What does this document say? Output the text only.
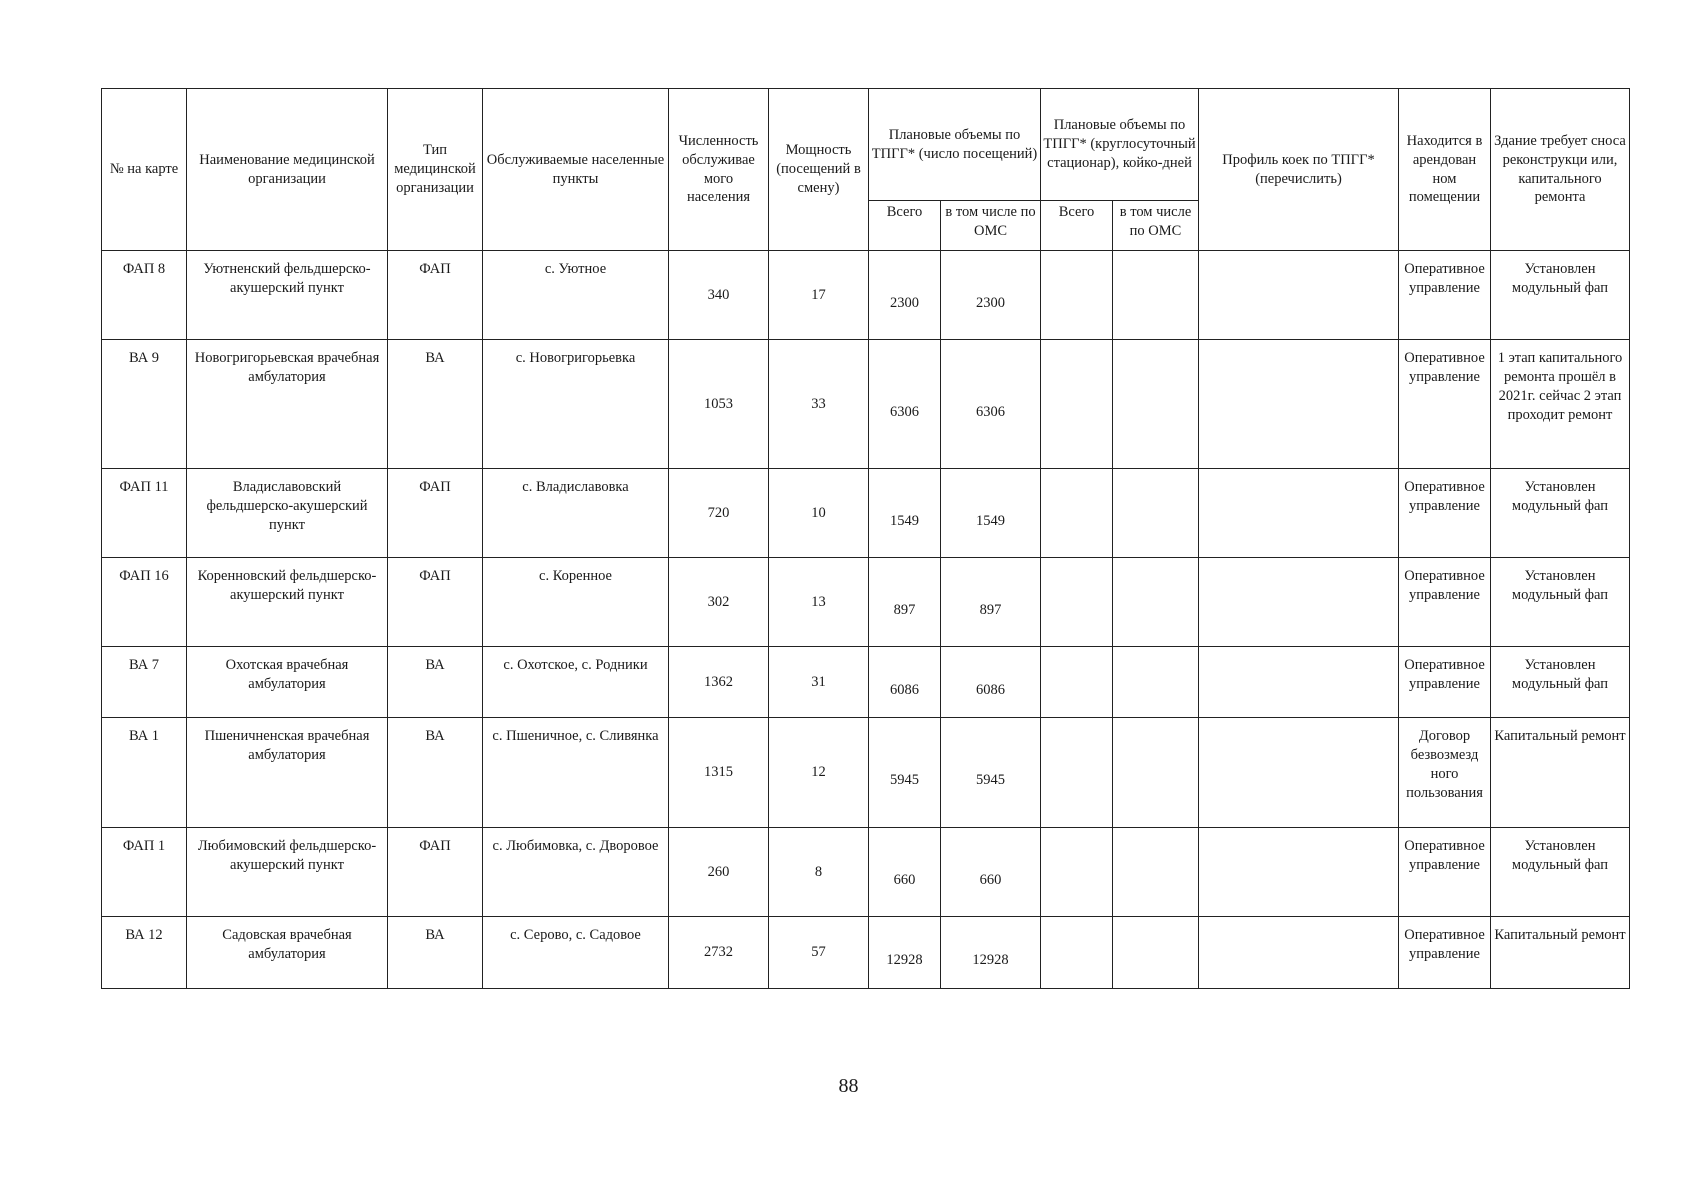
№ на карте	Наименование медицинской организации	Тип медицинской организации	Обслуживаемые населенные пункты	Численность обслуживае мого населения	Мощность (посещений в смену)	Плановые объемы по ТПГГ* (число посещений)		Плановые объемы по ТПГГ* (круглосуточный стационар), койко-дней		Профиль коек по ТПГГ* (перечислить)	Находится в арендован ном помещении	Здание требует сноса реконструкци или, капитального ремонта
						Всего	в том числе по ОМС	Всего	в том числе по ОМС			
ФАП 8	Уютненский фельдшерско-акушерский пункт	ФАП	с. Уютное	340	17	2300	2300				Оперативное управление	Установлен модульный фап
ВА 9	Новогригорьевская врачебная амбулатория	ВА	с. Новогригорьевка	1053	33	6306	6306				Оперативное управление	1 этап капитального ремонта прошёл в 2021г. сейчас 2 этап проходит ремонт
ФАП 11	Владиславовский фельдшерско-акушерский пункт	ФАП	с. Владиславовка	720	10	1549	1549				Оперативное управление	Установлен модульный фап
ФАП 16	Коренновский фельдшерско-акушерский пункт	ФАП	с. Коренное	302	13	897	897				Оперативное управление	Установлен модульный фап
ВА 7	Охотская врачебная амбулатория	ВА	с. Охотское, с. Родники	1362	31	6086	6086				Оперативное управление	Установлен модульный фап
ВА 1	Пшеничненская врачебная амбулатория	ВА	с. Пшеничное, с. Сливянка	1315	12	5945	5945				Договор безвозмезд ного пользования	Капитальный ремонт
ФАП 1	Любимовский фельдшерско-акушерский пункт	ФАП	с. Любимовка, с. Дворовое	260	8	660	660				Оперативное управление	Установлен модульный фап
ВА 12	Садовская врачебная амбулатория	ВА	с. Серово, с. Садовое	2732	57	12928	12928				Оперативное управление	Капитальный ремонт
88
